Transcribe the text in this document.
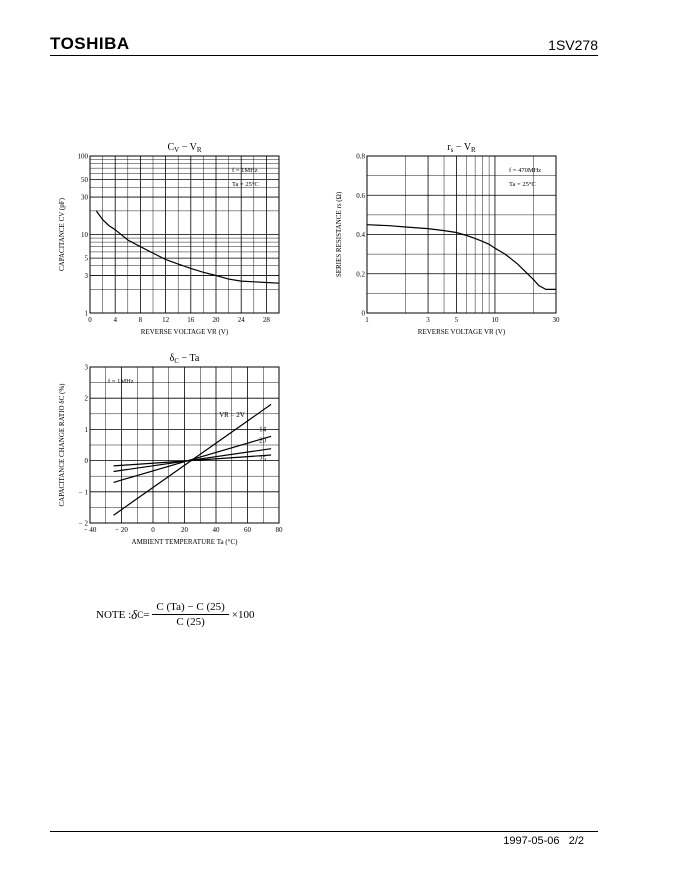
TOSHIBA	1SV278
0	4	8	12	16	20	24	28
1
3
5
10
30
50
100
$C_V - V_R$
REVERSE VOLTAGE VR (V)
CAPACITANCE CV (pF)
f = 1MHz
Ta = 25°C
1	3	5	10	30
0
0.2
0.4
0.6
0.8
$r_s - V_R$
REVERSE VOLTAGE VR (V)
SERIES RESISTANCE rs (Ω)
f = 470MHz
Ta = 25°C
− 40	− 20	0	20	40	60	80
− 2
− 1
0
1
2
3
$\delta_C - Ta$
AMBIENT TEMPERATURE Ta (°C)
CAPACITANCE CHANGE RATIO δC (%)
f = 1MHz
VR = 2V
14
20
25
NOTE : δ $C = \frac{C (Ta) - C (25)}{C (25)} \times 100$
1997-05-06 2/2
